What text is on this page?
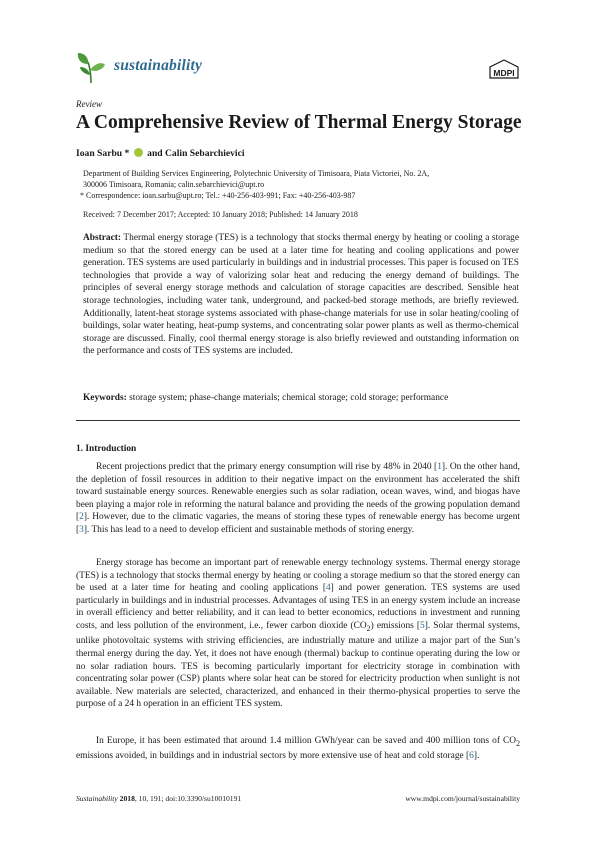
sustainability	MDPI
Review
A Comprehensive Review of Thermal Energy Storage
Ioan Sarbu * and Calin Sebarchievici
Department of Building Services Engineering, Polytechnic University of Timisoara, Piata Victoriei, No. 2A,
300006 Timisoara, Romania; calin.sebarchievici@upt.ro
* Correspondence: ioan.sarbu@upt.ro; Tel.: +40-256-403-991; Fax: +40-256-403-987
Received: 7 December 2017; Accepted: 10 January 2018; Published: 14 January 2018
Abstract: Thermal energy storage (TES) is a technology that stocks thermal energy by heating or cooling a storage medium so that the stored energy can be used at a later time for heating and cooling applications and power generation. TES systems are used particularly in buildings and in industrial processes. This paper is focused on TES technologies that provide a way of valorizing solar heat and reducing the energy demand of buildings. The principles of several energy storage methods and calculation of storage capacities are described. Sensible heat storage technologies, including water tank, underground, and packed-bed storage methods, are briefly reviewed. Additionally, latent-heat storage systems associated with phase-change materials for use in solar heating/cooling of buildings, solar water heating, heat-pump systems, and concentrating solar power plants as well as thermo-chemical storage are discussed. Finally, cool thermal energy storage is also briefly reviewed and outstanding information on the performance and costs of TES systems are included.
Keywords: storage system; phase-change materials; chemical storage; cold storage; performance
1. Introduction
Recent projections predict that the primary energy consumption will rise by 48% in 2040 [1]. On the other hand, the depletion of fossil resources in addition to their negative impact on the environment has accelerated the shift toward sustainable energy sources. Renewable energies such as solar radiation, ocean waves, wind, and biogas have been playing a major role in reforming the natural balance and providing the needs of the growing population demand [2]. However, due to the climatic vagaries, the means of storing these types of renewable energy has become urgent [3]. This has lead to a need to develop efficient and sustainable methods of storing energy.
Energy storage has become an important part of renewable energy technology systems. Thermal energy storage (TES) is a technology that stocks thermal energy by heating or cooling a storage medium so that the stored energy can be used at a later time for heating and cooling applications [4] and power generation. TES systems are used particularly in buildings and in industrial processes. Advantages of using TES in an energy system include an increase in overall efficiency and better reliability, and it can lead to better economics, reductions in investment and running costs, and less pollution of the environment, i.e., fewer carbon dioxide $(CO_2)$ emissions [5]. Solar thermal systems, unlike photovoltaic systems with striving efficiencies, are industrially mature and utilize a major part of the Sun’s thermal energy during the day. Yet, it does not have enough (thermal) backup to continue operating during the low or no solar radiation hours. TES is becoming particularly important for electricity storage in combination with concentrating solar power (CSP) plants where solar heat can be stored for electricity production when sunlight is not available. New materials are selected, characterized, and enhanced in their thermo-physical properties to serve the purpose of a 24 h operation in an efficient TES system.
In Europe, it has been estimated that around 1.4 million GWh/year can be saved and 400 million tons of $CO_2$ emissions avoided, in buildings and in industrial sectors by more extensive use of heat and cold storage [6].
Sustainability 2018, 10, 191; doi:10.3390/su10010191	www.mdpi.com/journal/sustainability
